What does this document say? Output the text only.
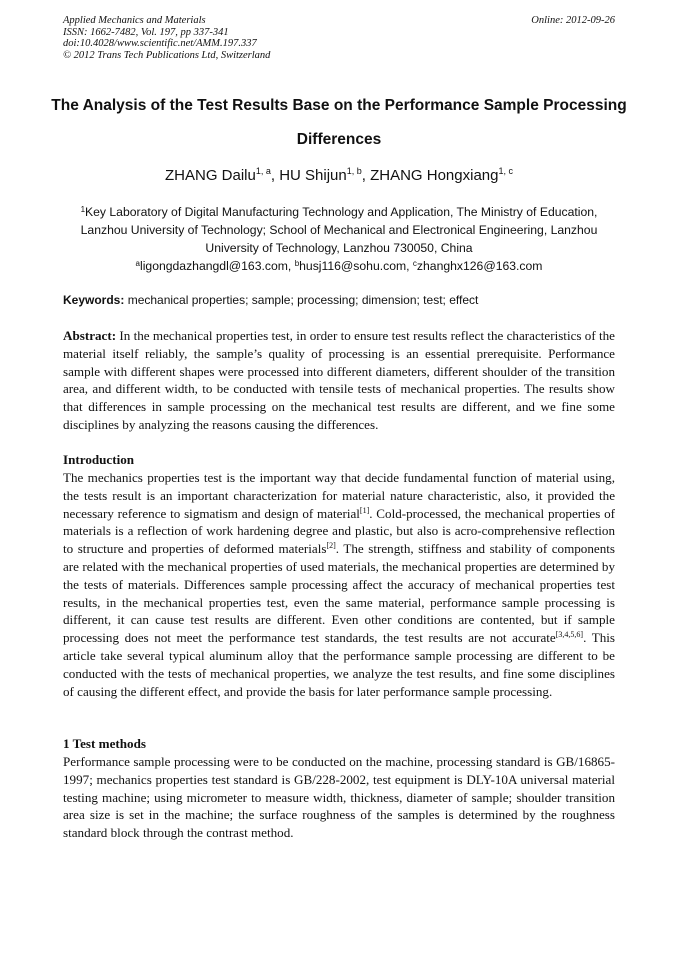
Applied Mechanics and Materials	Online: 2012-09-26
ISSN: 1662-7482, Vol. 197, pp 337-341
doi:10.4028/www.scientific.net/AMM.197.337
© 2012 Trans Tech Publications Ltd, Switzerland
The Analysis of the Test Results Base on the Performance Sample Processing Differences
ZHANG Dailu$^{1, a}$, HU Shijun$^{1, b}$, ZHANG Hongxiang$^{1, c}$
$^1$Key Laboratory of Digital Manufacturing Technology and Application, The Ministry of Education, Lanzhou University of Technology; School of Mechanical and Electronical Engineering, Lanzhou University of Technology, Lanzhou 730050, China
$^a$ligongdazhangdl@163.com, $^b$husj116@sohu.com, $^c$zhanghx126@163.com
Keywords: mechanical properties; sample; processing; dimension; test; effect
Abstract: In the mechanical properties test, in order to ensure test results reflect the characteristics of the material itself reliably, the sample’s quality of processing is an essential prerequisite. Performance sample with different shapes were processed into different diameters, different shoulder of the transition area, and different width, to be conducted with tensile tests of mechanical properties. The results show that differences in sample processing on the mechanical test results are different, and we fine some disciplines by analyzing the reasons causing the differences.
Introduction
The mechanics properties test is the important way that decide fundamental function of material using, the tests result is an important characterization for material nature characteristic, also, it provided the necessary reference to sigmatism and design of material[1]. Cold-processed, the mechanical properties of materials is a reflection of work hardening degree and plastic, but also is acro-comprehensive reflection to structure and properties of deformed materials[2]. The strength, stiffness and stability of components are related with the mechanical properties of used materials, the mechanical properties are determined by the tests of materials. Differences sample processing affect the accuracy of mechanical properties test results, in the mechanical properties test, even the same material, performance sample processing is different, it can cause test results are different. Even other conditions are contented, but if sample processing does not meet the performance test standards, the test results are not accurate[3,4,5,6]. This article take several typical aluminum alloy that the performance sample processing are different to be conducted with the tests of mechanical properties, we analyze the test results, and fine some disciplines of causing the different effect, and provide the basis for later performance sample processing.
1 Test methods
Performance sample processing were to be conducted on the machine, processing standard is GB/16865-1997; mechanics properties test standard is GB/228-2002, test equipment is DLY-10A universal material testing machine; using micrometer to measure width, thickness, diameter of sample; shoulder transition area size is set in the machine; the surface roughness of the samples is determined by the roughness standard block through the contrast method.
